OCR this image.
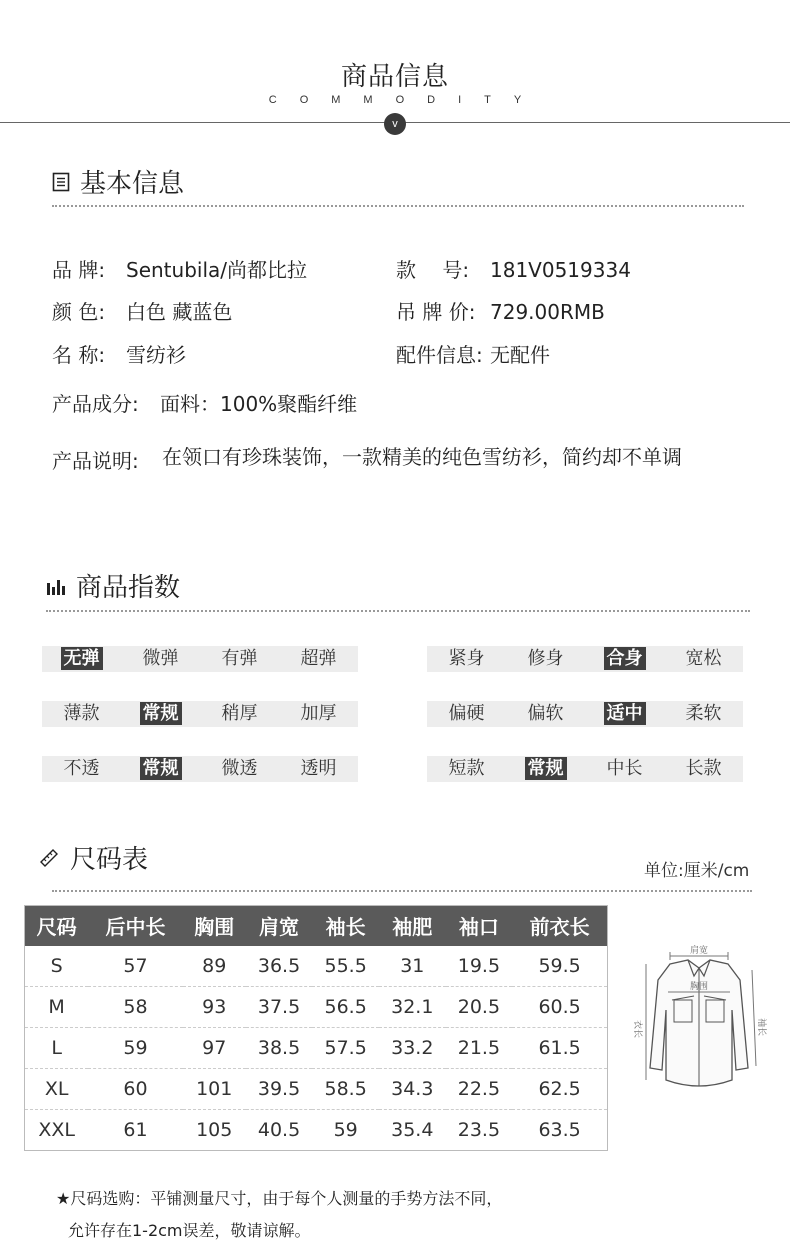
商品信息
COMMODITY
v
基本信息
品 牌: Sentubila/尚都比拉	款　 号: 181V0519334
颜 色: 白色 藏蓝色	吊 牌 价: 729.00RMB
名 称: 雪纺衫	配件信息: 无配件
产品成分: 面料：100%聚酯纤维
产品说明:	在领口有珍珠装饰，一款精美的纯色雪纺衫，简约却不单调
商品指数
无弹	微弹	有弹	超弹	紧身	修身	合身	宽松
薄款	常规	稍厚	加厚	偏硬	偏软	适中	柔软
不透	常规	微透	透明	短款	常规	中长	长款
尺码表	单位:厘米/cm
尺码	后中长	胸围	肩宽	袖长	袖肥	袖口	前衣长
S	57	89	36.5	55.5	31	19.5	59.5
M	58	93	37.5	56.5	32.1	20.5	60.5
L	59	97	38.5	57.5	33.2	21.5	61.5
XL	60	101	39.5	58.5	34.3	22.5	62.5
XXL	61	105	40.5	59	35.4	23.5	63.5
肩宽
胸围
衣长	袖长
★尺码选购：平铺测量尺寸，由于每个人测量的手势方法不同，
允许存在1-2cm误差，敬请谅解。
